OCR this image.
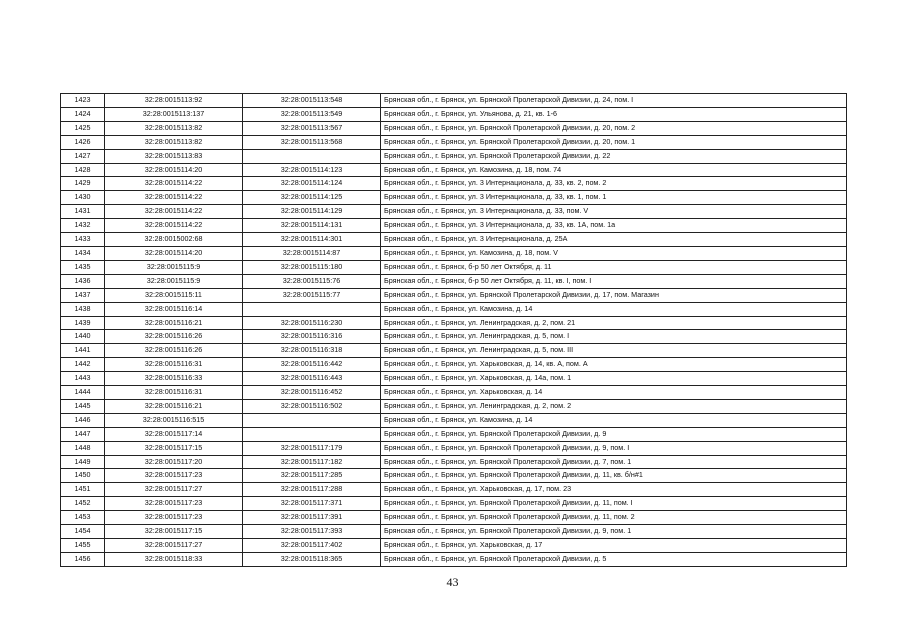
1423	32:28:0015113:92	32:28:0015113:548	Брянская обл., г. Брянск, ул. Брянской Пролетарской Дивизии, д. 24, пом. I
1424	32:28:0015113:137	32:28:0015113:549	Брянская обл., г. Брянск, ул. Ульянова, д. 21, кв. 1-6
1425	32:28:0015113:82	32:28:0015113:567	Брянская обл., г. Брянск, ул. Брянской Пролетарской Дивизии, д. 20, пом. 2
1426	32:28:0015113:82	32:28:0015113:568	Брянская обл., г. Брянск, ул. Брянской Пролетарской Дивизии, д. 20, пом. 1
1427	32:28:0015113:83		Брянская обл., г. Брянск, ул. Брянской Пролетарской Дивизии, д. 22
1428	32:28:0015114:20	32:28:0015114:123	Брянская обл., г. Брянск, ул. Камозина, д. 18, пом. 74
1429	32:28:0015114:22	32:28:0015114:124	Брянская обл., г. Брянск, ул. 3 Интернационала, д. 33, кв. 2, пом. 2
1430	32:28:0015114:22	32:28:0015114:125	Брянская обл., г. Брянск, ул. 3 Интернационала, д. 33, кв. 1, пом. 1
1431	32:28:0015114:22	32:28:0015114:129	Брянская обл., г. Брянск, ул. 3 Интернационала, д. 33, пом. V
1432	32:28:0015114:22	32:28:0015114:131	Брянская обл., г. Брянск, ул. 3 Интернационала, д. 33, кв. 1А, пом. 1а
1433	32:28:0015002:68	32:28:0015114:301	Брянская обл., г. Брянск, ул. 3 Интернационала, д. 25А
1434	32:28:0015114:20	32:28:0015114:87	Брянская обл., г. Брянск, ул. Камозина, д. 18, пом. V
1435	32:28:0015115:9	32:28:0015115:180	Брянская обл., г. Брянск, б-р 50 лет Октября, д. 11
1436	32:28:0015115:9	32:28:0015115:76	Брянская обл., г. Брянск, б-р 50 лет Октября, д. 11, кв. I, пом. I
1437	32:28:0015115:11	32:28:0015115:77	Брянская обл., г. Брянск, ул. Брянской Пролетарской Дивизии, д. 17, пом. Магазин
1438	32:28:0015116:14		Брянская обл., г. Брянск, ул. Камозина, д. 14
1439	32:28:0015116:21	32:28:0015116:230	Брянская обл., г. Брянск, ул. Ленинградская, д. 2, пом. 21
1440	32:28:0015116:26	32:28:0015116:316	Брянская обл., г. Брянск, ул. Ленинградская, д. 5, пом. I
1441	32:28:0015116:26	32:28:0015116:318	Брянская обл., г. Брянск, ул. Ленинградская, д. 5, пом. III
1442	32:28:0015116:31	32:28:0015116:442	Брянская обл., г. Брянск, ул. Харьковская, д. 14, кв. А, пом. А
1443	32:28:0015116:33	32:28:0015116:443	Брянская обл., г. Брянск, ул. Харьковская, д. 14а, пом. 1
1444	32:28:0015116:31	32:28:0015116:452	Брянская обл., г. Брянск, ул. Харьковская, д. 14
1445	32:28:0015116:21	32:28:0015116:502	Брянская обл., г. Брянск, ул. Ленинградская, д. 2, пом. 2
1446	32:28:0015116:515		Брянская обл., г. Брянск, ул. Камозина, д. 14
1447	32:28:0015117:14		Брянская обл., г. Брянск, ул. Брянской Пролетарской Дивизии, д. 9
1448	32:28:0015117:15	32:28:0015117:179	Брянская обл., г. Брянск, ул. Брянской Пролетарской Дивизии, д. 9, пом. I
1449	32:28:0015117:20	32:28:0015117:182	Брянская обл., г. Брянск, ул. Брянской Пролетарской Дивизии, д. 7, пом. 1
1450	32:28:0015117:23	32:28:0015117:285	Брянская обл., г. Брянск, ул. Брянской Пролетарской Дивизии, д. 11, кв. б/н#1
1451	32:28:0015117:27	32:28:0015117:288	Брянская обл., г. Брянск, ул. Харьковская, д. 17, пом. 23
1452	32:28:0015117:23	32:28:0015117:371	Брянская обл., г. Брянск, ул. Брянской Пролетарской Дивизии, д. 11, пом. I
1453	32:28:0015117:23	32:28:0015117:391	Брянская обл., г. Брянск, ул. Брянской Пролетарской Дивизии, д. 11, пом. 2
1454	32:28:0015117:15	32:28:0015117:393	Брянская обл., г. Брянск, ул. Брянской Пролетарской Дивизии, д. 9, пом. 1
1455	32:28:0015117:27	32:28:0015117:402	Брянская обл., г. Брянск, ул. Харьковская, д. 17
1456	32:28:0015118:33	32:28:0015118:365	Брянская обл., г. Брянск, ул. Брянской Пролетарской Дивизии, д. 5
43
